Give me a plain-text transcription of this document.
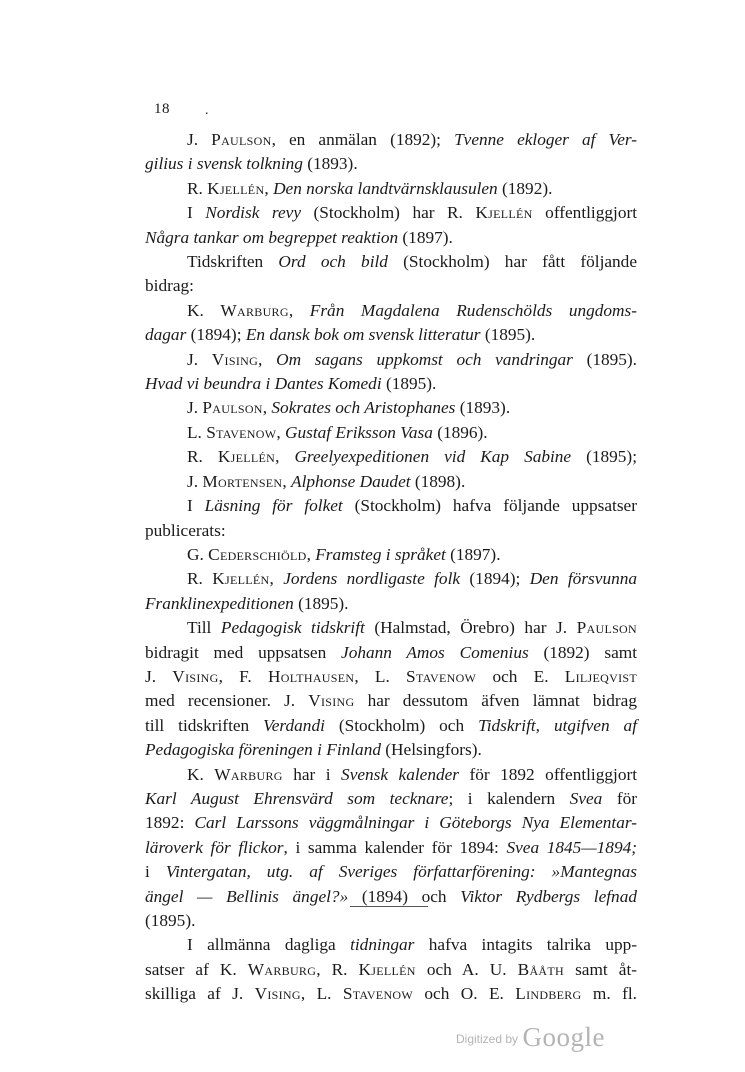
18	.
J. Paulson, en anmälan (1892); Tvenne ekloger af Ver-
gilius i svensk tolkning (1893).
R. Kjellén, Den norska landtvärnsklausulen (1892).
I Nordisk revy (Stockholm) har R. Kjellén offentliggjort
Några tankar om begreppet reaktion (1897).
Tidskriften Ord och bild (Stockholm) har fått följande
bidrag:
K. Warburg, Från Magdalena Rudenschölds ungdoms-
dagar (1894); En dansk bok om svensk litteratur (1895).
J. Vising, Om sagans uppkomst och vandringar (1895).
Hvad vi beundra i Dantes Komedi (1895).
J. Paulson, Sokrates och Aristophanes (1893).
L. Stavenow, Gustaf Eriksson Vasa (1896).
R. Kjellén, Greelyexpeditionen vid Kap Sabine (1895);
J. Mortensen, Alphonse Daudet (1898).
I Läsning för folket (Stockholm) hafva följande uppsatser
publicerats:
G. Cederschiöld, Framsteg i språket (1897).
R. Kjellén, Jordens nordligaste folk (1894); Den försvunna
Franklinexpeditionen (1895).
Till Pedagogisk tidskrift (Halmstad, Örebro) har J. Paulson
bidragit med uppsatsen Johann Amos Comenius (1892) samt
J. Vising, F. Holthausen, L. Stavenow och E. Liljeqvist
med recensioner. J. Vising har dessutom äfven lämnat bidrag
till tidskriften Verdandi (Stockholm) och Tidskrift, utgifven af
Pedagogiska föreningen i Finland (Helsingfors).
K. Warburg har i Svensk kalender för 1892 offentliggjort
Karl August Ehrensvärd som tecknare; i kalendern Svea för
1892: Carl Larssons väggmålningar i Göteborgs Nya Elementar-
läroverk för flickor, i samma kalender för 1894: Svea 1845—1894;
i Vintergatan, utg. af Sveriges författarförening: »Mantegnas
ängel — Bellinis ängel?» (1894) och Viktor Rydbergs lefnad
(1895).
I allmänna dagliga tidningar hafva intagits talrika upp-
satser af K. Warburg, R. Kjellén och A. U. Bååth samt åt-
skilliga af J. Vising, L. Stavenow och O. E. Lindberg m. fl.
Digitized by Google
